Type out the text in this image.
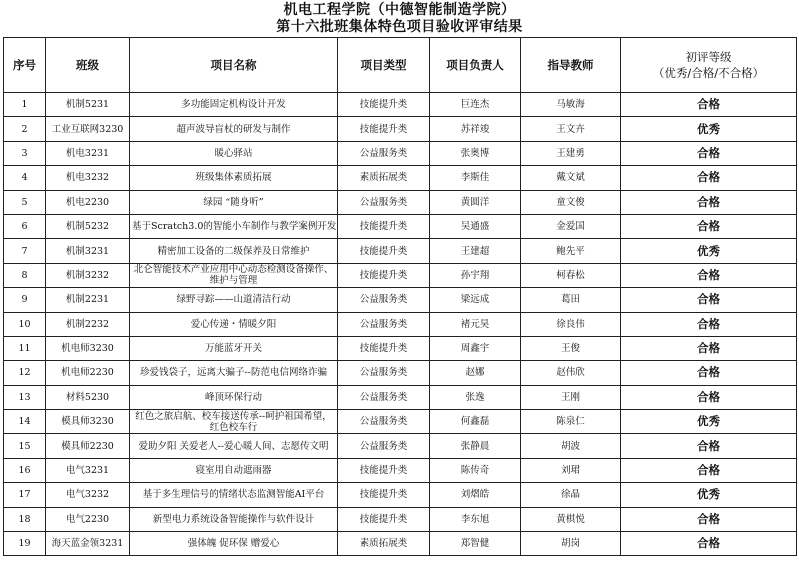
机电工程学院（中德智能制造学院）
第十六批班集体特色项目验收评审结果
序号	班级	项目名称	项目类型	项目负责人	指导教师	初评等级
（优秀/合格/不合格）

1	机制5231	多功能固定机构设计开发	技能提升类	巨连杰	马敏海	合格
2	工业互联网3230	超声波导盲杖的研发与制作	技能提升类	苏祥竣	王文卉	优秀
3	机电3231	暖心驿站	公益服务类	张奥博	王建勇	合格
4	机电3232	班级集体素质拓展	素质拓展类	李斯佳	戴文斌	合格
5	机电2230	绿园 “随身听”	公益服务类	黄圆洋	童文俊	合格
6	机制5232	基于Scratch3.0的智能小车制作与教学案例开发	技能提升类	吴通盛	金爱国	合格
7	机制3231	精密加工设备的二级保养及日常维护	技能提升类	王建超	鲍先平	优秀
8	机制3232	北仑智能技术产业应用中心动态检测设备操作、维护与管理	技能提升类	孙宇翔	柯春松	合格
9	机制2231	绿野寻踪——山道清洁行动	公益服务类	梁远成	葛田	合格
10	机制2232	爱心传递・情暖夕阳	公益服务类	褚元昊	徐良伟	合格
11	机电师3230	万能蓝牙开关	技能提升类	周鑫宇	王俊	合格
12	机电师2230	珍爱钱袋子，远离大骗子--防范电信网络诈骗	公益服务类	赵娜	赵伟欣	合格
13	材料5230	峰顶环保行动	公益服务类	张逸	王刚	合格
14	模具师3230	红色之旅启航、校车接送传承--呵护祖国希望，红色校车行	公益服务类	何鑫磊	陈泉仁	优秀
15	模具师2230	爱助夕阳 关爱老人--爱心暖人间、志愿传文明	公益服务类	张静晨	胡波	合格
16	电气3231	寝室用自动遮雨器	技能提升类	陈传奇	刘珺	合格
17	电气3232	基于多生理信号的情绪状态监测智能AI平台	技能提升类	刘熠皓	徐晶	优秀
18	电气2230	新型电力系统设备智能操作与软件设计	技能提升类	李东旭	黄棋悦	合格
19	海天蓝金领3231	强体魄 促环保 赠爱心	素质拓展类	郑智健	胡岗	合格
